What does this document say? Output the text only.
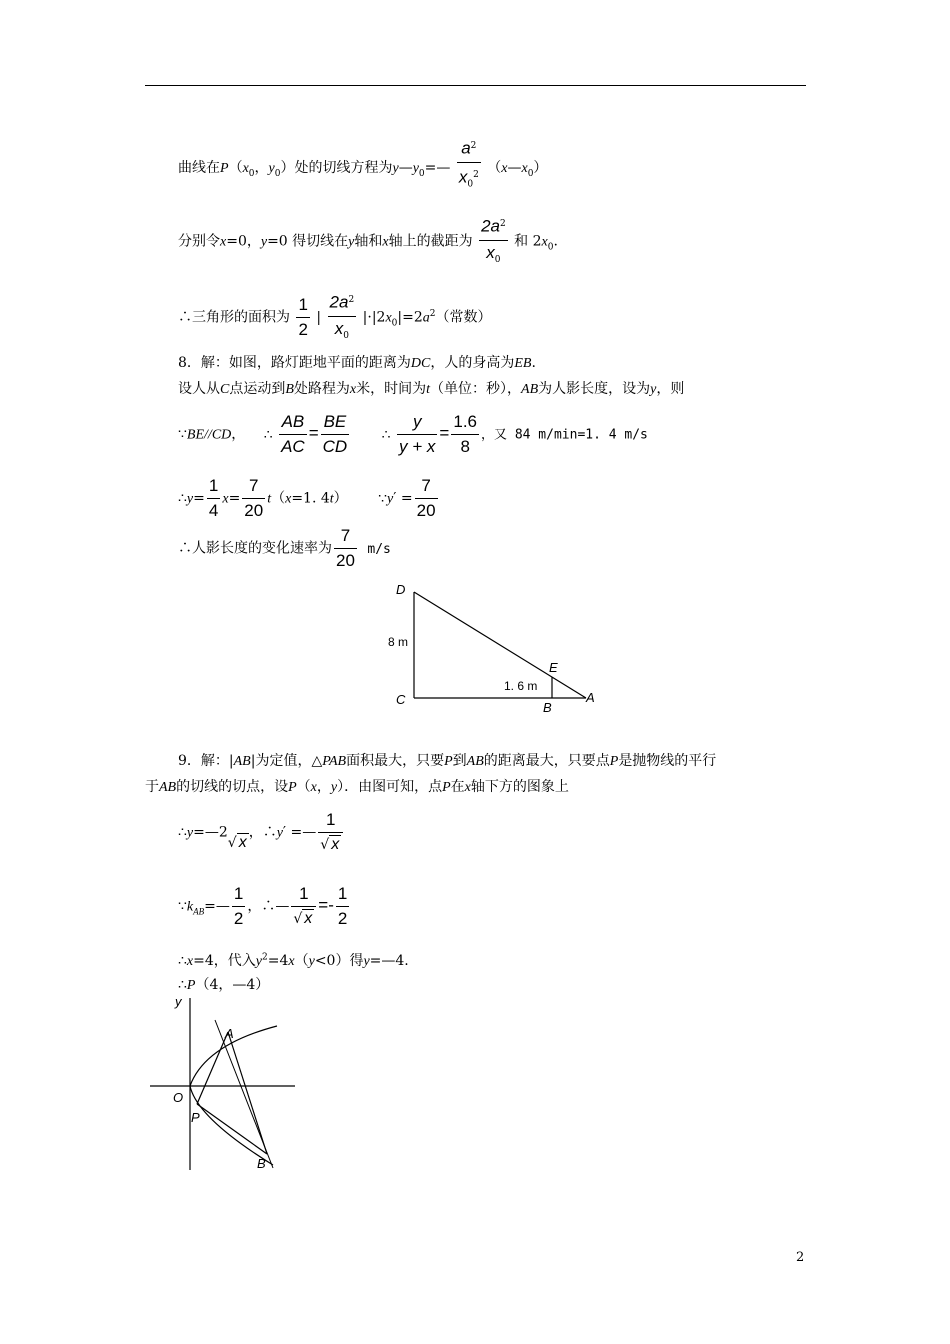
曲线在$P(x_0$，$y_0$）处的切线方程为$y—y_0=— \frac{a^2}{x_0^2}$ $(x—x_0)$
分别令x=0，y=0 得切线在y轴和x轴上的截距为 $\frac{2a^2}{x_0}$ 和 $2x_0$.
∴三角形的面积为 $\frac{1}{2}$ | $\frac{2a^2}{x_0} |\cdot|2x_0|=2a^2$（常数）
8．解：如图，路灯距地平面的距离为DC，人的身高为EB.
设人从C点运动到B处路程为x米，时间为t（单位：秒），AB为人影长度，设为y，则
∵BE//CD， ∴ $\frac{AB}{AC} = \frac{BE}{CD}$ ∴ $\frac{y}{y + x} = \frac{1.6}{8}$ ，又 84 m/min=1. 4 m/s
∴y= $\frac{1}{4} x= \frac{7}{20} t(x=1$. 4t） ∵y′ = $\frac{7}{20}$
∴人影长度的变化速率为 $\frac{7}{20} m/s$
D
C
E
B
A
8 m
1. 6 m
9．解：|AB|为定值，△PAB面积最大，只要P到AB的距离最大，只要点P是抛物线的平行
于AB的切线的切点，设P（x，y）．由图可知，点P在x轴下方的图象上
∴y=—2√ x，∴y′ =— $\frac{1}{√ x}$
$\because k_{AB}=— \frac{1}{2}$ ，∴— $\frac{1}{√ x} =- \frac{1}{2}$
∴x=4，代入$y^2=4x(y<0)$得y=—4.
∴P（4，—4）
y
O
A
P
B
2
